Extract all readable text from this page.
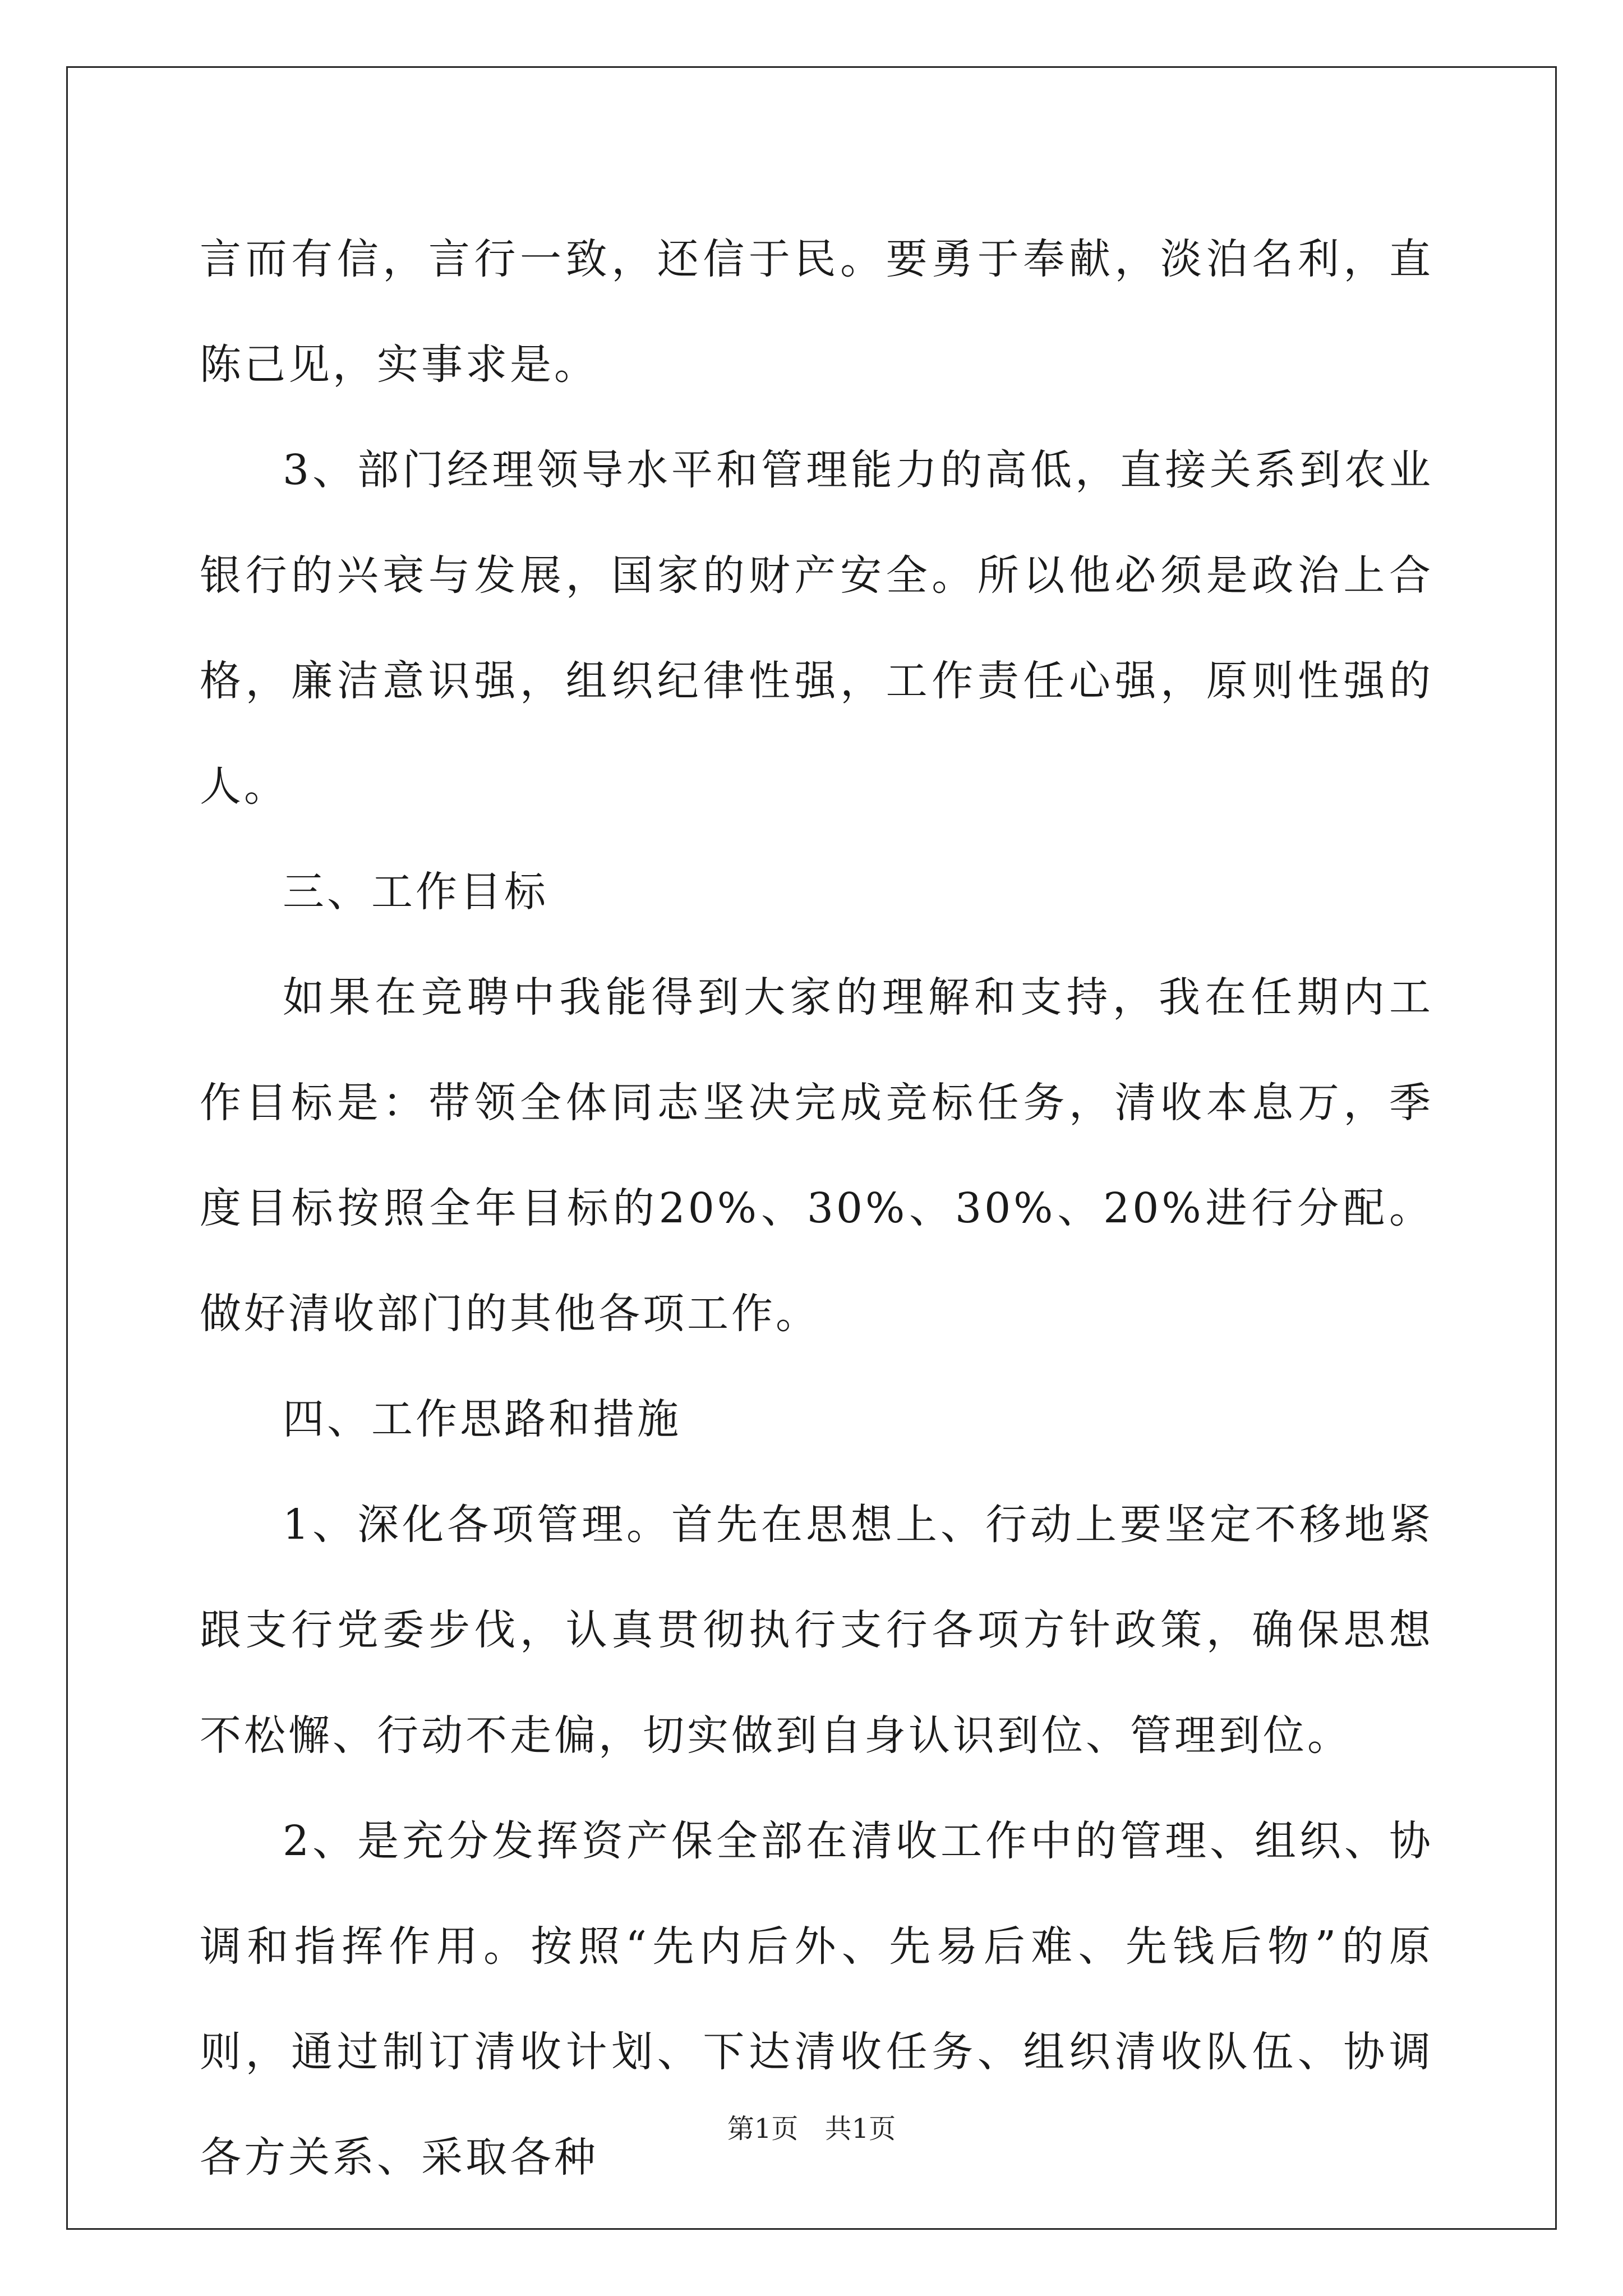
言而有信，言行一致，还信于民。要勇于奉献，淡泊名利，直陈己见，实事求是。

3、部门经理领导水平和管理能力的高低，直接关系到农业银行的兴衰与发展，国家的财产安全。所以他必须是政治上合格，廉洁意识强，组织纪律性强，工作责任心强，原则性强的人。

三、工作目标

如果在竞聘中我能得到大家的理解和支持，我在任期内工作目标是：带领全体同志坚决完成竞标任务，清收本息万，季度目标按照全年目标的20%、30%、30%、20%进行分配。做好清收部门的其他各项工作。

四、工作思路和措施

1、深化各项管理。首先在思想上、行动上要坚定不移地紧跟支行党委步伐，认真贯彻执行支行各项方针政策，确保思想不松懈、行动不走偏，切实做到自身认识到位、管理到位。

2、是充分发挥资产保全部在清收工作中的管理、组织、协调和指挥作用。按照“先内后外、先易后难、先钱后物”的原则，通过制订清收计划、下达清收任务、组织清收队伍、协调各方关系、采取各种

第1页 共1页
